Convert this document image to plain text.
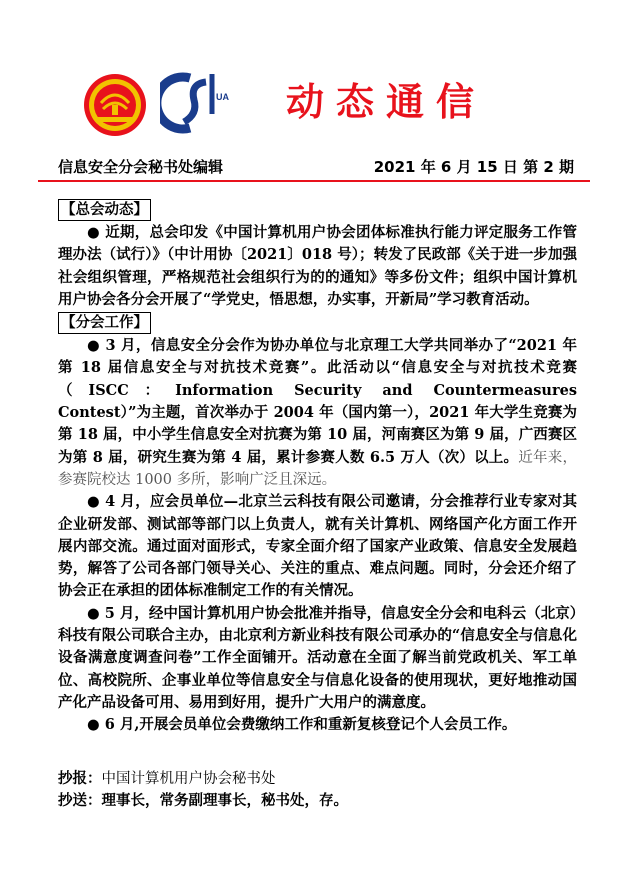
UA 动态通信
信息安全分会秘书处编辑	2021 年 6 月 15 日 第 2 期
【总会动态】

● 近期，总会印发《中国计算机用户协会团体标准执行能力评定服务工作管理办法（试行）》（中计用协〔2021〕018 号）；转发了民政部《关于进一步加强社会组织管理，严格规范社会组织行为的的通知》等多份文件；组织中国计算机用户协会各分会开展了“学党史，悟思想，办实事，开新局”学习教育活动。

【分会工作】

● 3 月，信息安全分会作为协办单位与北京理工大学共同举办了“2021 年第 18 届信息安全与对抗技术竞赛”。此活动以“信息安全与对抗技术竞赛（ISCC：Information Security and Countermeasures Contest）”为主题，首次举办于 2004 年（国内第一），2021 年大学生竞赛为第 18 届，中小学生信息安全对抗赛为第 10 届，河南赛区为第 9 届，广西赛区为第 8 届，研究生赛为第 4 届，累计参赛人数 6.5 万人（次）以上。近年来，参赛院校达 1000 多所，影响广泛且深远。

● 4 月，应会员单位—北京兰云科技有限公司邀请，分会推荐行业专家对其企业研发部、测试部等部门以上负责人，就有关计算机、网络国产化方面工作开展内部交流。通过面对面形式，专家全面介绍了国家产业政策、信息安全发展趋势，解答了公司各部门领导关心、关注的重点、难点问题。同时，分会还介绍了协会正在承担的团体标准制定工作的有关情况。

● 5 月，经中国计算机用户协会批准并指导，信息安全分会和电科云（北京）科技有限公司联合主办，由北京利方新业科技有限公司承办的“信息安全与信息化设备满意度调查问卷”工作全面铺开。活动意在全面了解当前党政机关、军工单位、高校院所、企事业单位等信息安全与信息化设备的使用现状，更好地推动国产化产品设备可用、易用到好用，提升广大用户的满意度。

● 6 月,开展会员单位会费缴纳工作和重新复核登记个人会员工作。

抄报：中国计算机用户协会秘书处
抄送：理事长，常务副理事长，秘书处，存。
